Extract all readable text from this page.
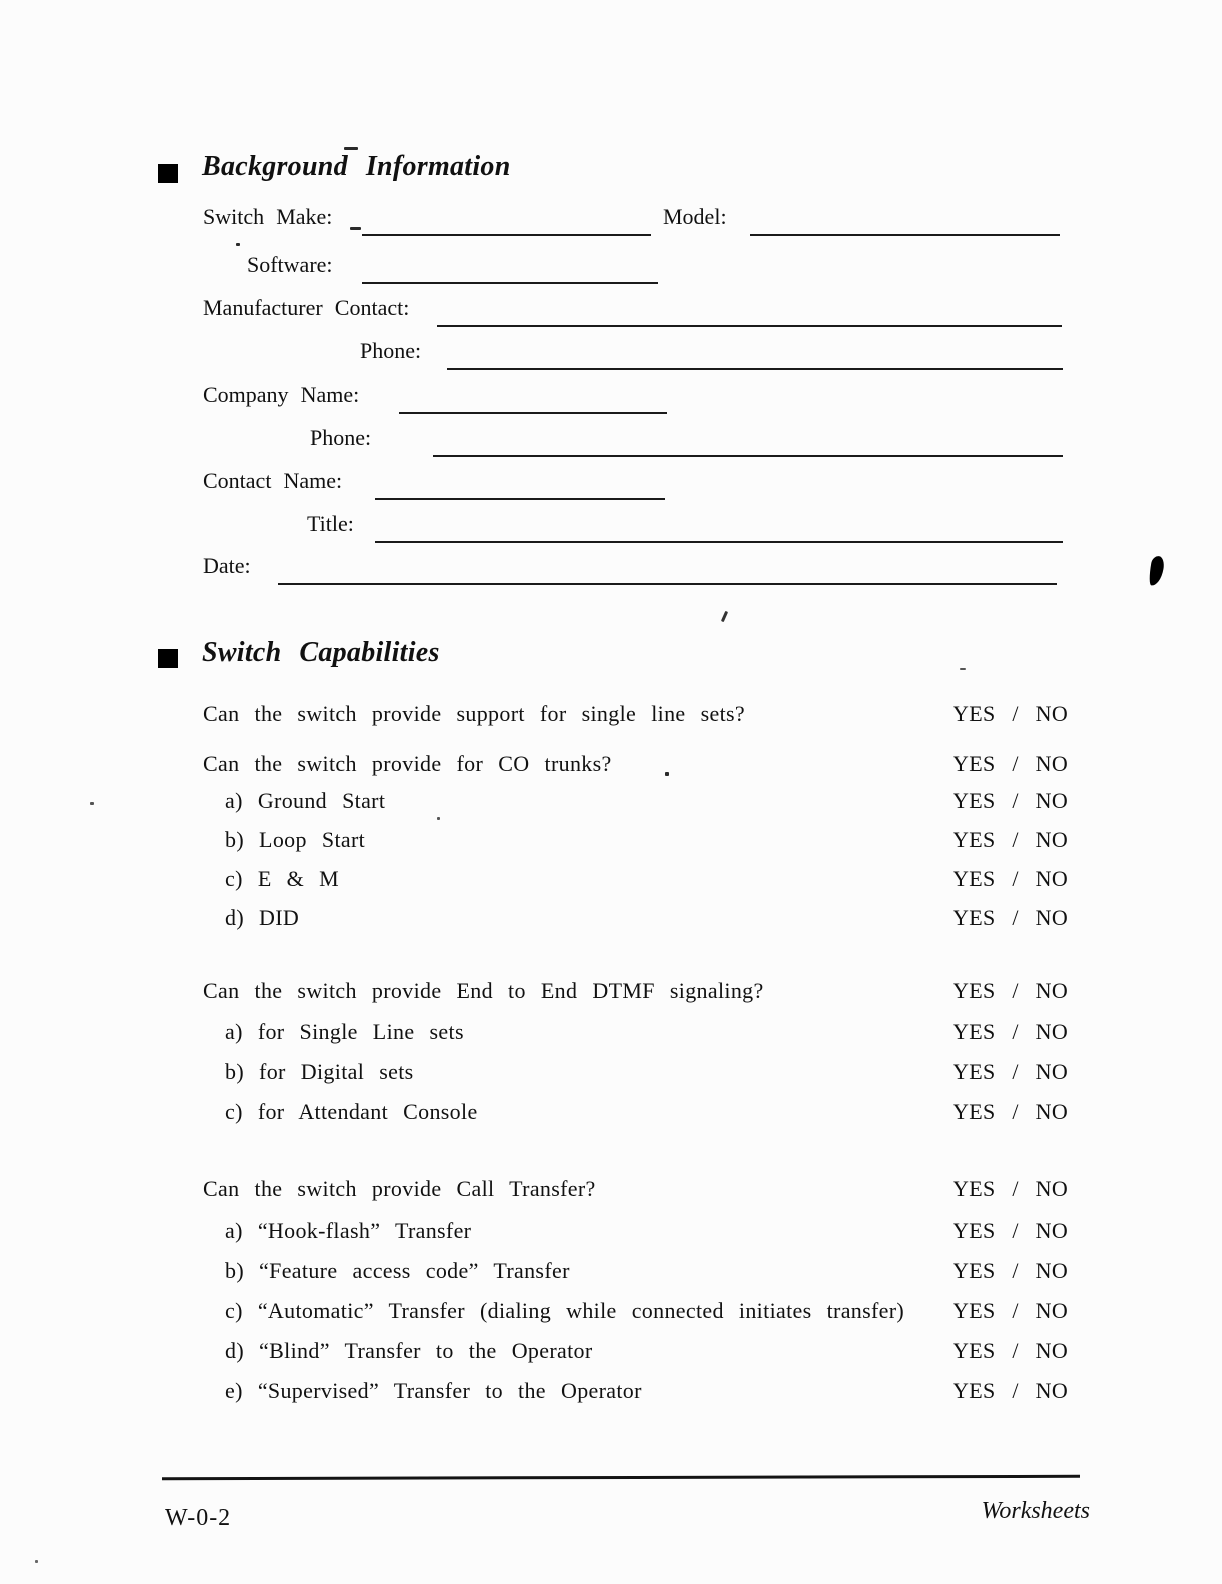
Background Information
Switch Make:	Model:
Software:
Manufacturer Contact:
Phone:
Company Name:
Phone:
Contact Name:
Title:
Date:
Switch Capabilities
Can the switch provide support for single line sets?	YES / NO
Can the switch provide for CO trunks?	YES / NO
a) Ground Start	YES / NO
b) Loop Start	YES / NO
c) E & M	YES / NO
d) DID	YES / NO
Can the switch provide End to End DTMF signaling?	YES / NO
a) for Single Line sets	YES / NO
b) for Digital sets	YES / NO
c) for Attendant Console	YES / NO
Can the switch provide Call Transfer?	YES / NO
a) “Hook-flash” Transfer	YES / NO
b) “Feature access code” Transfer	YES / NO
c) “Automatic” Transfer (dialing while connected initiates transfer) YES / NO
d) “Blind” Transfer to the Operator	YES / NO
e) “Supervised” Transfer to the Operator	YES / NO
W-0-2	Worksheets
